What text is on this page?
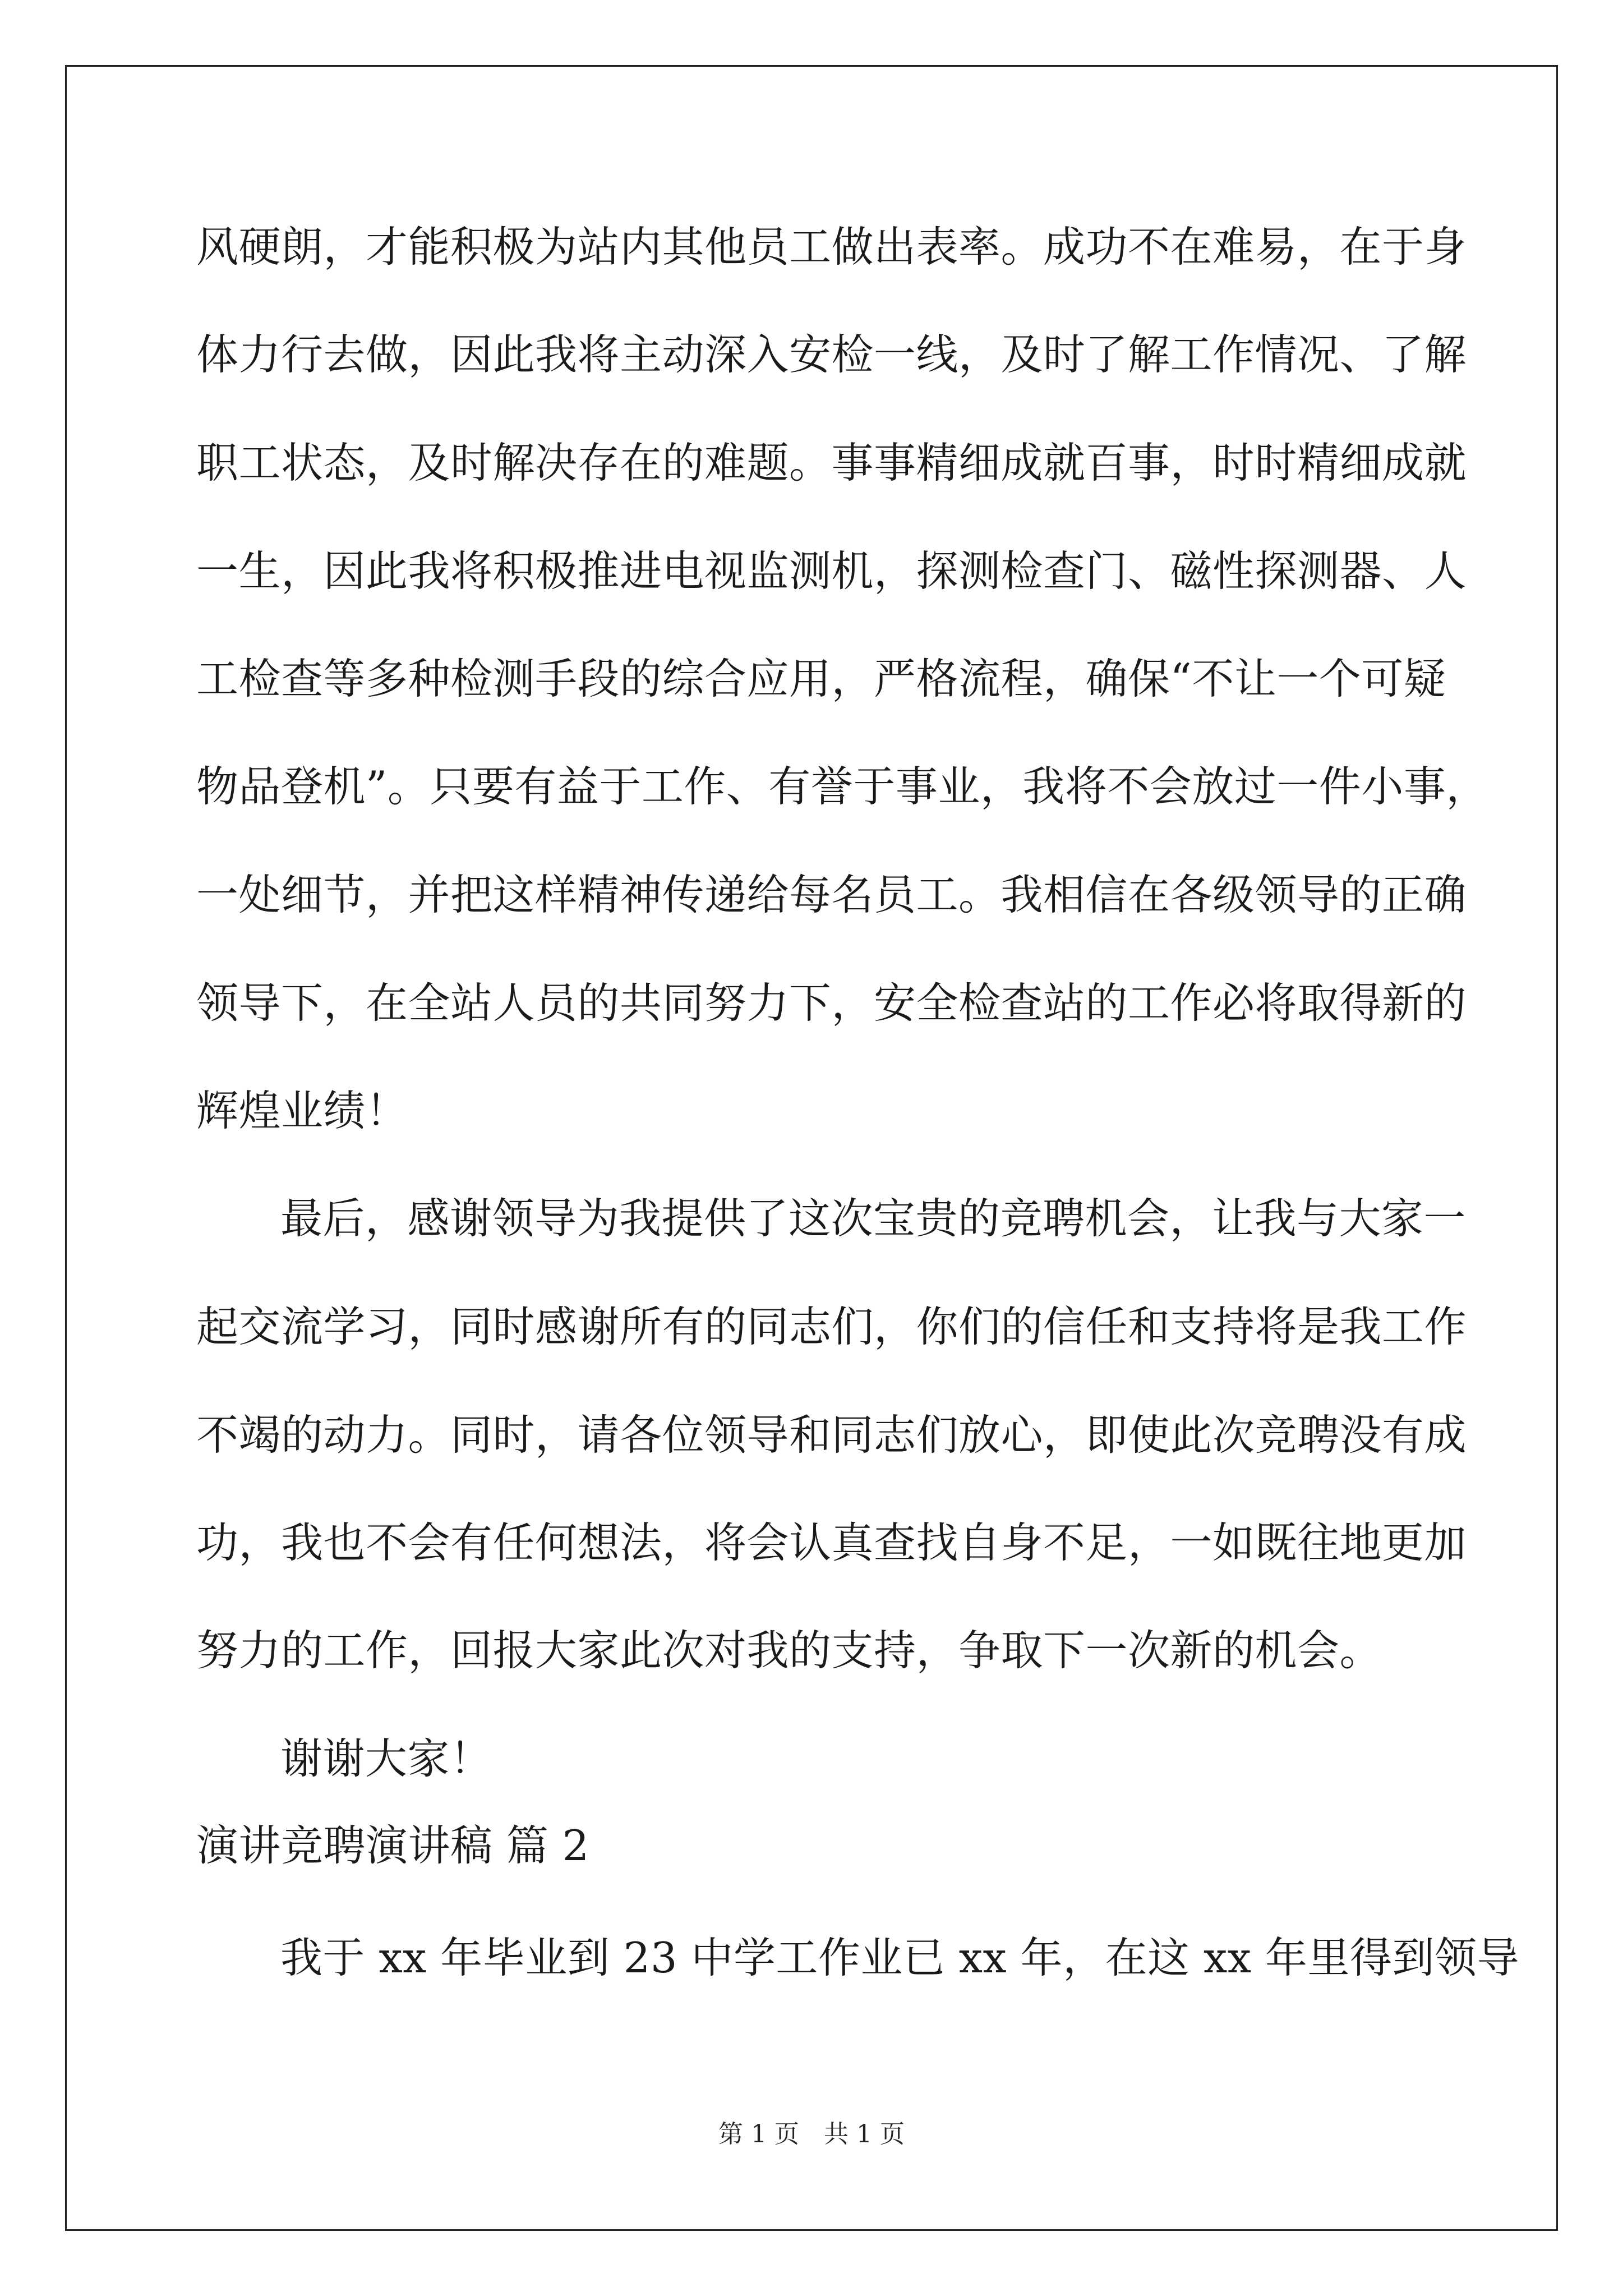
风硬朗，才能积极为站内其他员工做出表率。成功不在难易，在于身
体力行去做，因此我将主动深入安检一线，及时了解工作情况、了解
职工状态，及时解决存在的难题。事事精细成就百事，时时精细成就
一生，因此我将积极推进电视监测机，探测检查门、磁性探测器、人
工检查等多种检测手段的综合应用，严格流程，确保“不让一个可疑
物品登机”。只要有益于工作、有誉于事业，我将不会放过一件小事，
一处细节，并把这样精神传递给每名员工。我相信在各级领导的正确
领导下，在全站人员的共同努力下，安全检查站的工作必将取得新的
辉煌业绩！
最后，感谢领导为我提供了这次宝贵的竞聘机会，让我与大家一
起交流学习，同时感谢所有的同志们，你们的信任和支持将是我工作
不竭的动力。同时，请各位领导和同志们放心，即使此次竞聘没有成
功，我也不会有任何想法，将会认真查找自身不足，一如既往地更加
努力的工作，回报大家此次对我的支持，争取下一次新的机会。
谢谢大家！
演讲竞聘演讲稿 篇 2
我于 xx 年毕业到 23 中学工作业已 xx 年，在这 xx 年里得到领导
第 1 页　共 1 页
